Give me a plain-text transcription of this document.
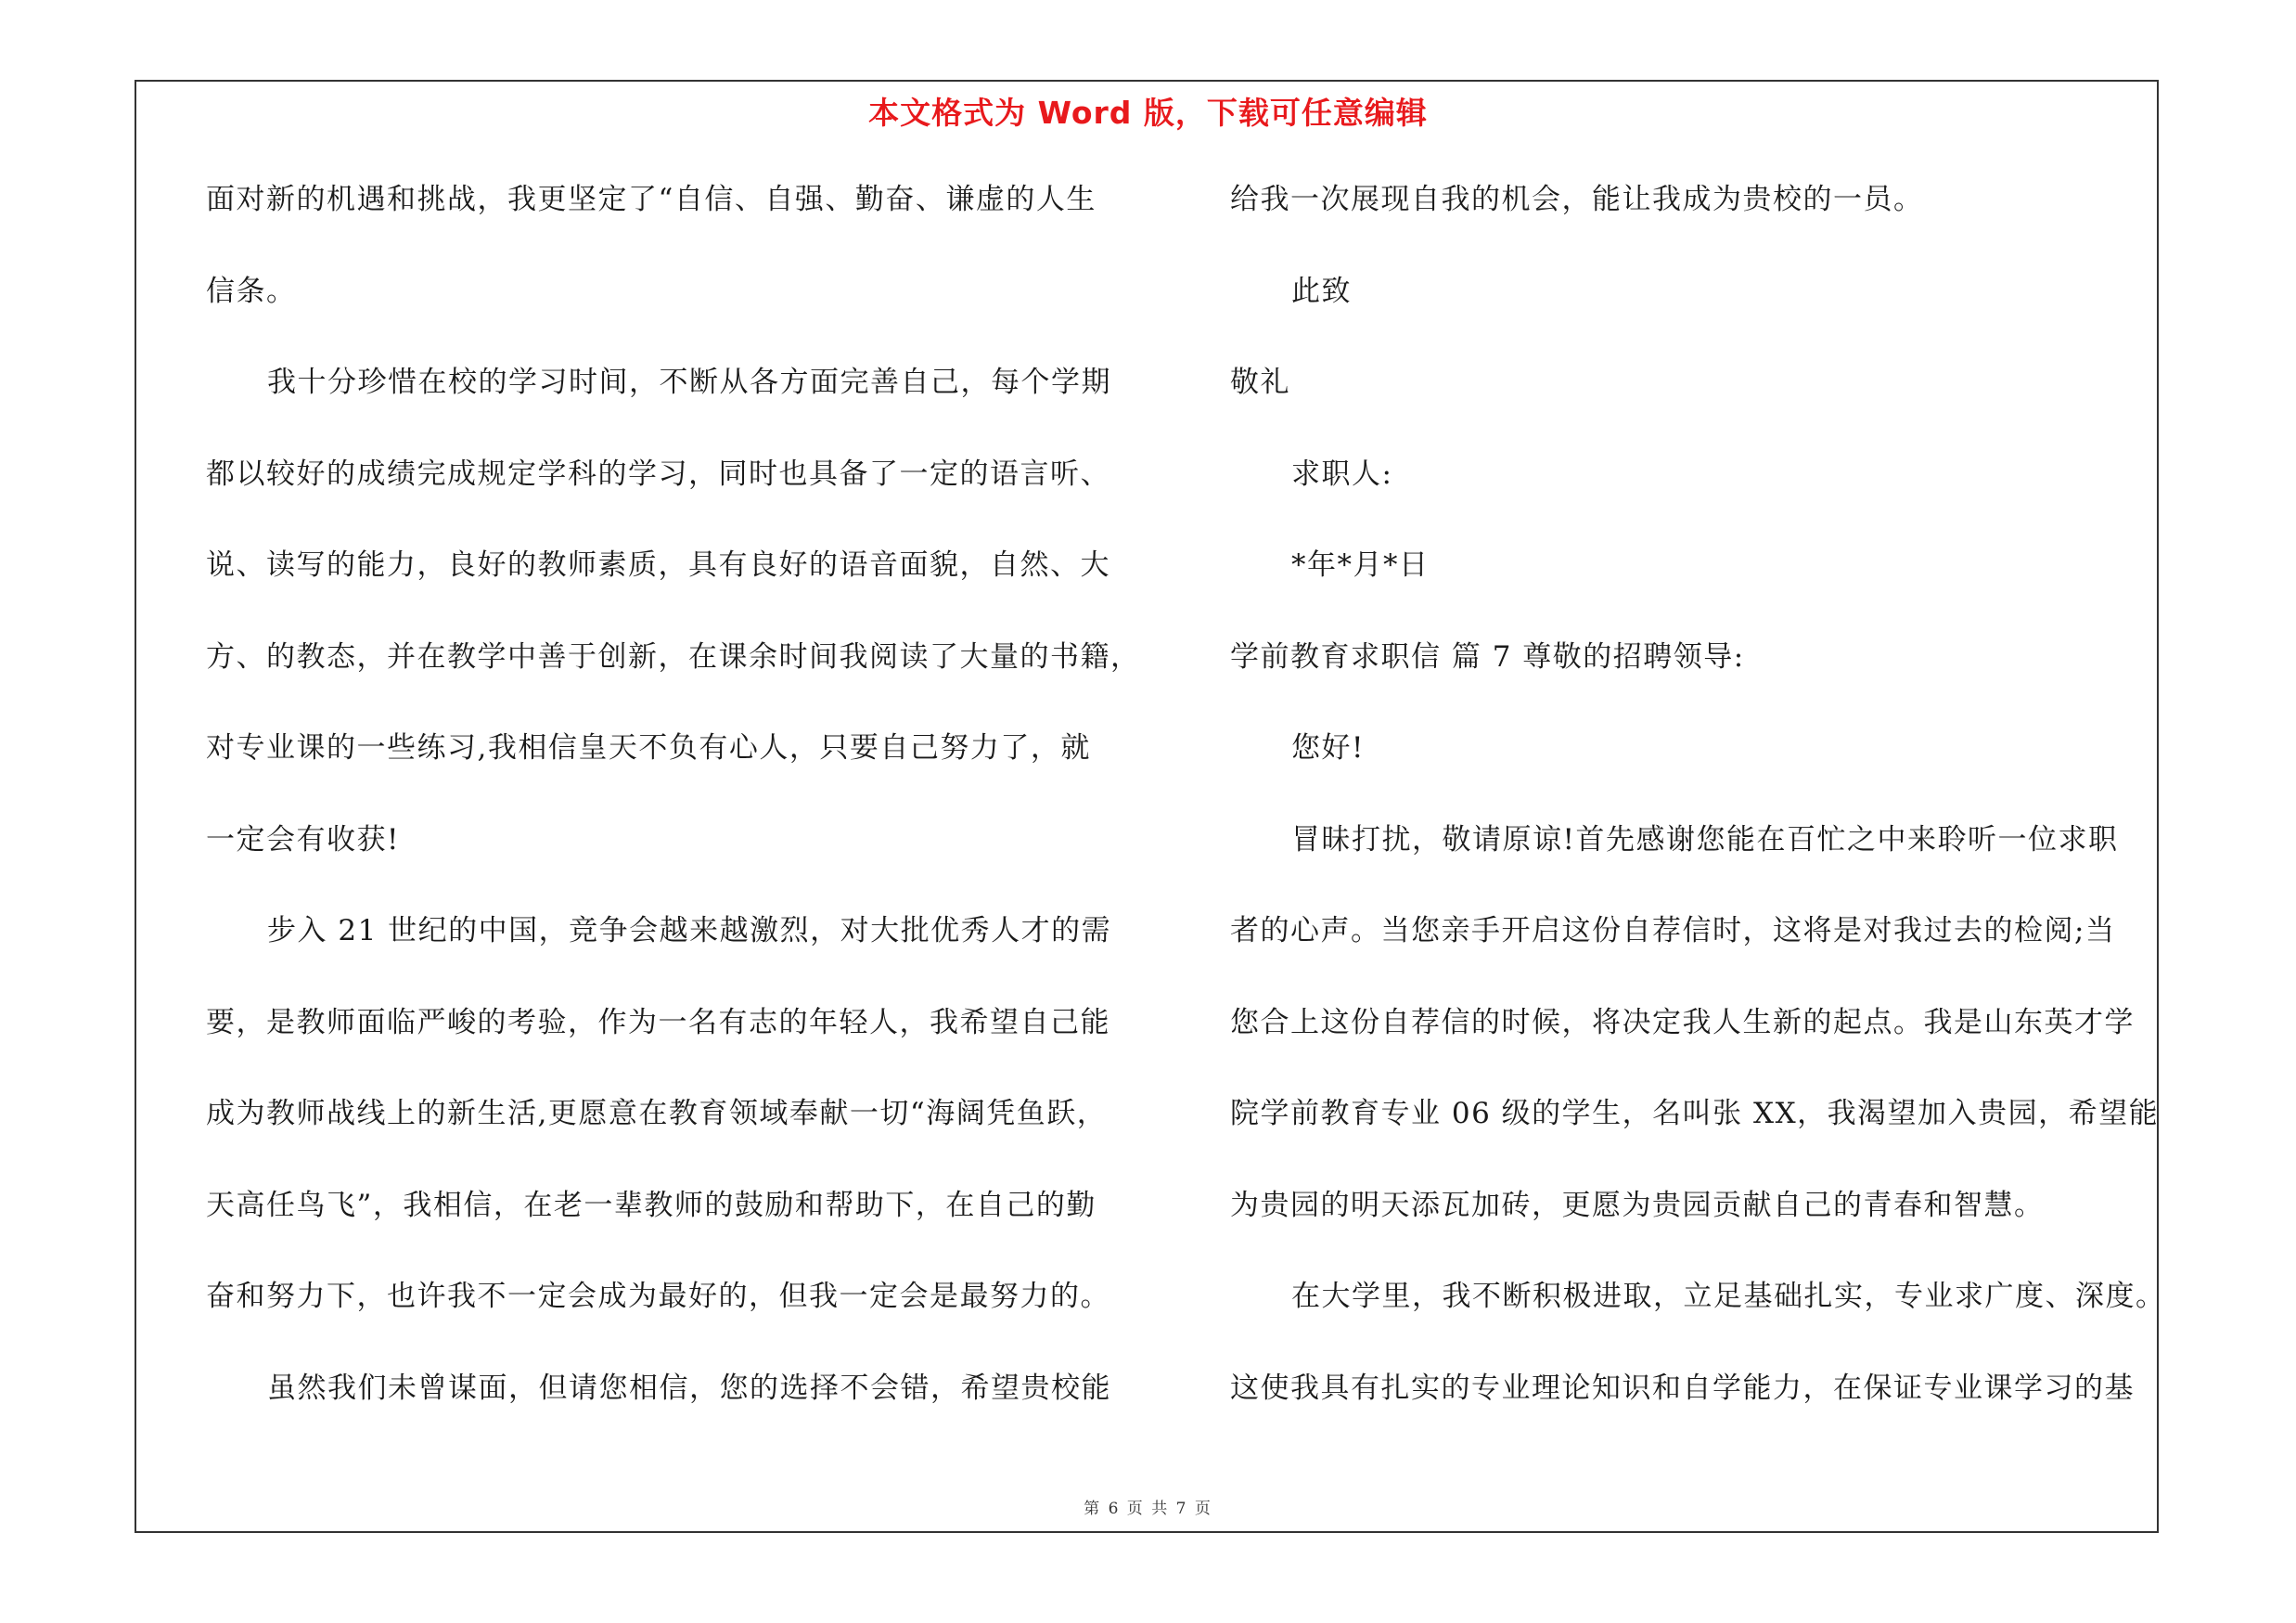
本文格式为 Word 版，下载可任意编辑
面对新的机遇和挑战，我更坚定了“自信、自强、勤奋、谦虚的人生
信条。
我十分珍惜在校的学习时间，不断从各方面完善自己，每个学期
都以较好的成绩完成规定学科的学习，同时也具备了一定的语言听、
说、读写的能力，良好的教师素质，具有良好的语音面貌，自然、大
方、的教态，并在教学中善于创新，在课余时间我阅读了大量的书籍，
对专业课的一些练习,我相信皇天不负有心人，只要自己努力了，就
一定会有收获!
步入 21 世纪的中国，竞争会越来越激烈，对大批优秀人才的需
要，是教师面临严峻的考验，作为一名有志的年轻人，我希望自己能
成为教师战线上的新生活,更愿意在教育领域奉献一切“海阔凭鱼跃，
天高任鸟飞”，我相信，在老一辈教师的鼓励和帮助下，在自己的勤
奋和努力下，也许我不一定会成为最好的，但我一定会是最努力的。
虽然我们未曾谋面，但请您相信，您的选择不会错，希望贵校能
给我一次展现自我的机会，能让我成为贵校的一员。
此致
敬礼
求职人:
*年*月*日
学前教育求职信 篇 7 尊敬的招聘领导:
您好!
冒昧打扰，敬请原谅!首先感谢您能在百忙之中来聆听一位求职
者的心声。当您亲手开启这份自荐信时，这将是对我过去的检阅;当
您合上这份自荐信的时候，将决定我人生新的起点。我是山东英才学
院学前教育专业 06 级的学生，名叫张 XX，我渴望加入贵园，希望能
为贵园的明天添瓦加砖，更愿为贵园贡献自己的青春和智慧。
在大学里，我不断积极进取，立足基础扎实，专业求广度、深度。
这使我具有扎实的专业理论知识和自学能力，在保证专业课学习的基
第 6 页 共 7 页
